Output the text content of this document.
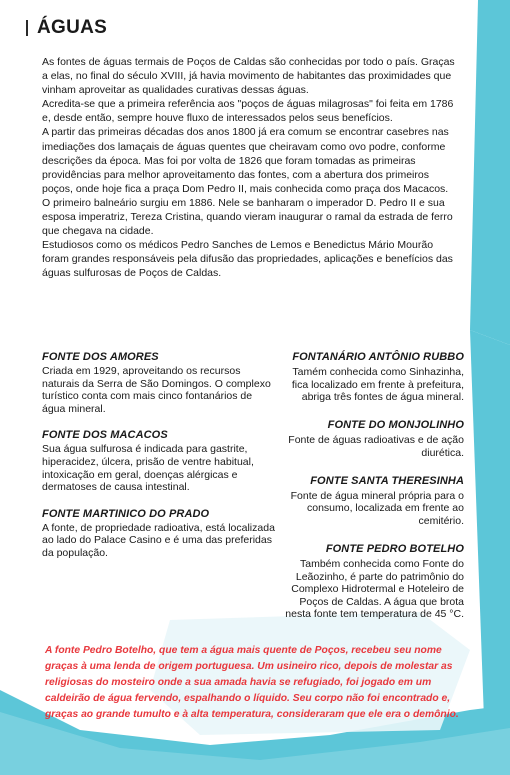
ÁGUAS

As fontes de águas termais de Poços de Caldas são conhecidas por todo o país. Graças a elas, no final do século XVIII, já havia movimento de habitantes das proximidades que vinham aproveitar as qualidades curativas dessas águas.

Acredita-se que a primeira referência aos "poços de águas milagrosas" foi feita em 1786 e, desde então, sempre houve fluxo de interessados pelos seus benefícios.

A partir das primeiras décadas dos anos 1800 já era comum se encontrar casebres nas imediações dos lamaçais de águas quentes que cheiravam como ovo podre, conforme descrições da época. Mas foi por volta de 1826 que foram tomadas as primeiras providências para melhor aproveitamento das fontes, com a abertura dos primeiros poços, onde hoje fica a praça Dom Pedro II, mais conhecida como praça dos Macacos.

O primeiro balneário surgiu em 1886. Nele se banharam o imperador D. Pedro II e sua esposa imperatriz, Tereza Cristina, quando vieram inaugurar o ramal da estrada de ferro que chegava na cidade.

Estudiosos como os médicos Pedro Sanches de Lemos e Benedictus Mário Mourão foram grandes responsáveis pela difusão das propriedades, aplicações e benefícios das águas sulfurosas de Poços de Caldas.

FONTE DOS AMORES

Criada em 1929, aproveitando os recursos naturais da Serra de São Domingos. O complexo turístico conta com mais cinco fontanários de água mineral.

FONTE DOS MACACOS

Sua água sulfurosa é indicada para gastrite, hiperacidez, úlcera, prisão de ventre habitual, intoxicação em geral, doenças alérgicas e dermatoses de causa intestinal.

FONTE MARTINICO DO PRADO

A fonte, de propriedade radioativa, está localizada ao lado do Palace Casino e é uma das preferidas da população.

FONTANÁRIO ANTÔNIO RUBBO

Tamém conhecida como Sinhazinha, fica localizado em frente à prefeitura, abriga três fontes de água mineral.

FONTE DO MONJOLINHO

Fonte de águas radioativas e de ação diurética.

FONTE SANTA THERESINHA

Fonte de água mineral própria para o consumo, localizada em frente ao cemitério.

FONTE PEDRO BOTELHO

Também conhecida como Fonte do Leãozinho, é parte do patrimônio do Complexo Hidrotermal e Hoteleiro de Poços de Caldas. A água que brota nesta fonte tem temperatura de 45 °C.

A fonte Pedro Botelho, que tem a água mais quente de Poços, recebeu seu nome graças à uma lenda de origem portuguesa. Um usineiro rico, depois de molestar as religiosas do mosteiro onde a sua amada havia se refugiado, foi jogado em um caldeirão de água fervendo, espalhando o líquido. Seu corpo não foi encontrado e, graças ao grande tumulto e à alta temperatura, consideraram que ele era o demônio.
